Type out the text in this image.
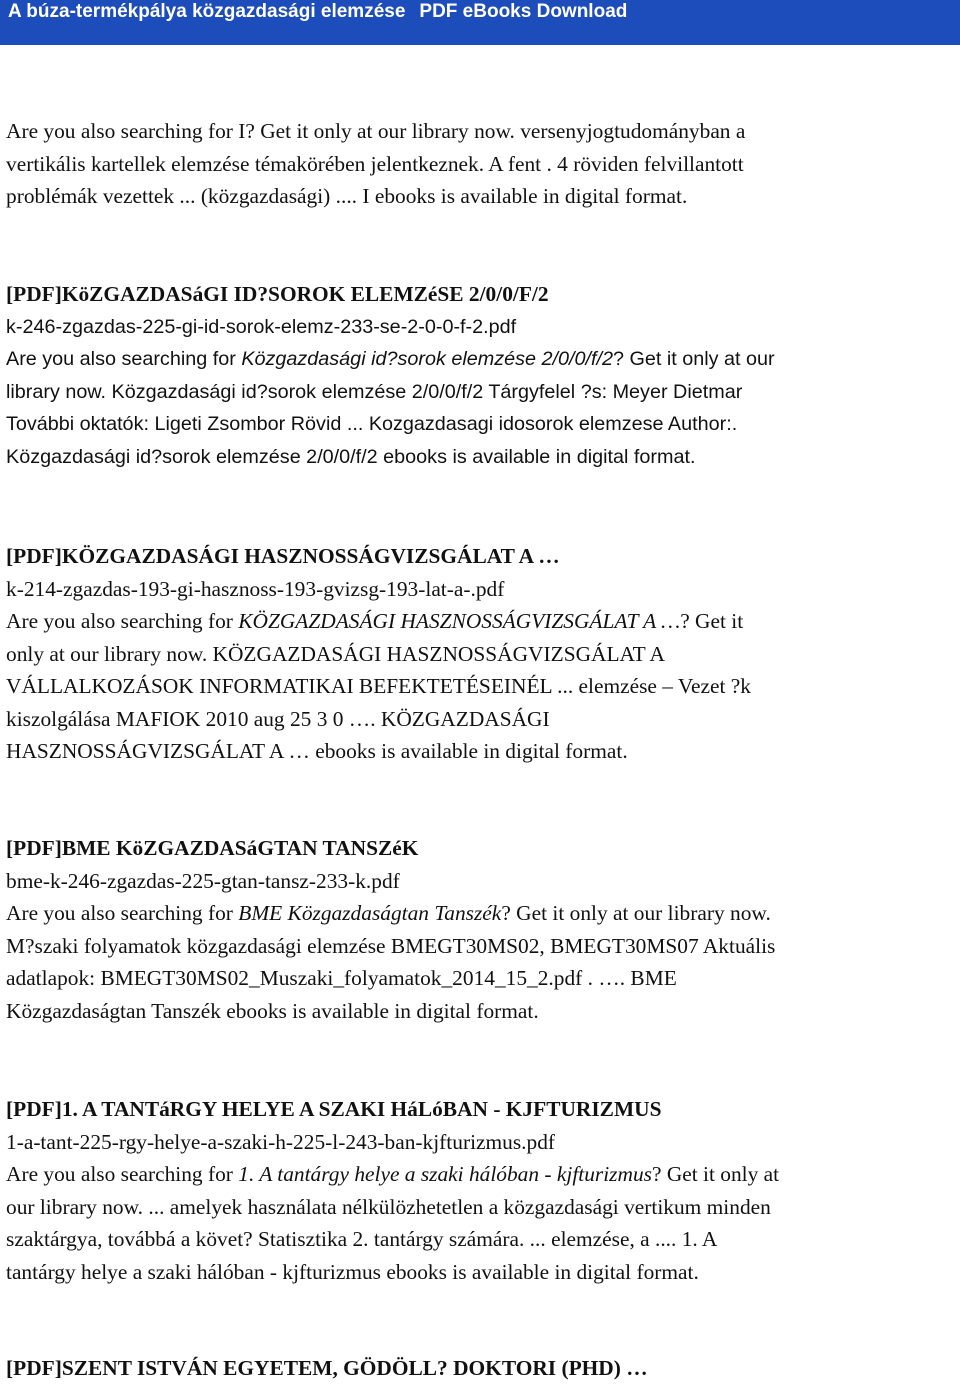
A búza-termékpálya közgazdasági elemzése PDF eBooks Download
Are you also searching for I? Get it only at our library now. versenyjogtudományban a
vertikális kartellek elemzése témakörében jelentkeznek. A fent . 4 röviden felvillantott
problémák vezettek ... (közgazdasági) .... I ebooks is available in digital format.
[PDF]KöZGAZDASáGI ID?SOROK ELEMZéSE 2/0/0/F/2
k-246-zgazdas-225-gi-id-sorok-elemz-233-se-2-0-0-f-2.pdf
Are you also searching for Közgazdasági id?sorok elemzése 2/0/0/f/2? Get it only at our
library now. Közgazdasági id?sorok elemzése 2/0/0/f/2 Tárgyfelel ?s: Meyer Dietmar
További oktatók: Ligeti Zsombor Rövid ... Kozgazdasagi idosorok elemzese Author:.
Közgazdasági id?sorok elemzése 2/0/0/f/2 ebooks is available in digital format.
[PDF]KÖZGAZDASÁGI HASZNOSSÁGVIZSGÁLAT A …
k-214-zgazdas-193-gi-hasznoss-193-gvizsg-193-lat-a-.pdf
Are you also searching for KÖZGAZDASÁGI HASZNOSSÁGVIZSGÁLAT A …? Get it
only at our library now. KÖZGAZDASÁGI HASZNOSSÁGVIZSGÁLAT A
VÁLLALKOZÁSOK INFORMATIKAI BEFEKTETÉSEINÉL ... elemzése – Vezet ?k
kiszolgálása MAFIOK 2010 aug 25 3 0 …. KÖZGAZDASÁGI
HASZNOSSÁGVIZSGÁLAT A … ebooks is available in digital format.
[PDF]BME KöZGAZDASáGTAN TANSZéK
bme-k-246-zgazdas-225-gtan-tansz-233-k.pdf
Are you also searching for BME Közgazdaságtan Tanszék? Get it only at our library now.
M?szaki folyamatok közgazdasági elemzése BMEGT30MS02, BMEGT30MS07 Aktuális
adatlapok: BMEGT30MS02_Muszaki_folyamatok_2014_15_2.pdf . …. BME
Közgazdaságtan Tanszék ebooks is available in digital format.
[PDF]1. A TANTáRGY HELYE A SZAKI HáLóBAN - KJFTURIZMUS
1-a-tant-225-rgy-helye-a-szaki-h-225-l-243-ban-kjfturizmus.pdf
Are you also searching for 1. A tantárgy helye a szaki hálóban - kjfturizmus? Get it only at
our library now. ... amelyek használata nélkülözhetetlen a közgazdasági vertikum minden
szaktárgya, továbbá a követ? Statisztika 2. tantárgy számára. ... elemzése, a .... 1. A
tantárgy helye a szaki hálóban - kjfturizmus ebooks is available in digital format.
[PDF]SZENT ISTVÁN EGYETEM, GÖDÖLL? DOKTORI (PHD) …
